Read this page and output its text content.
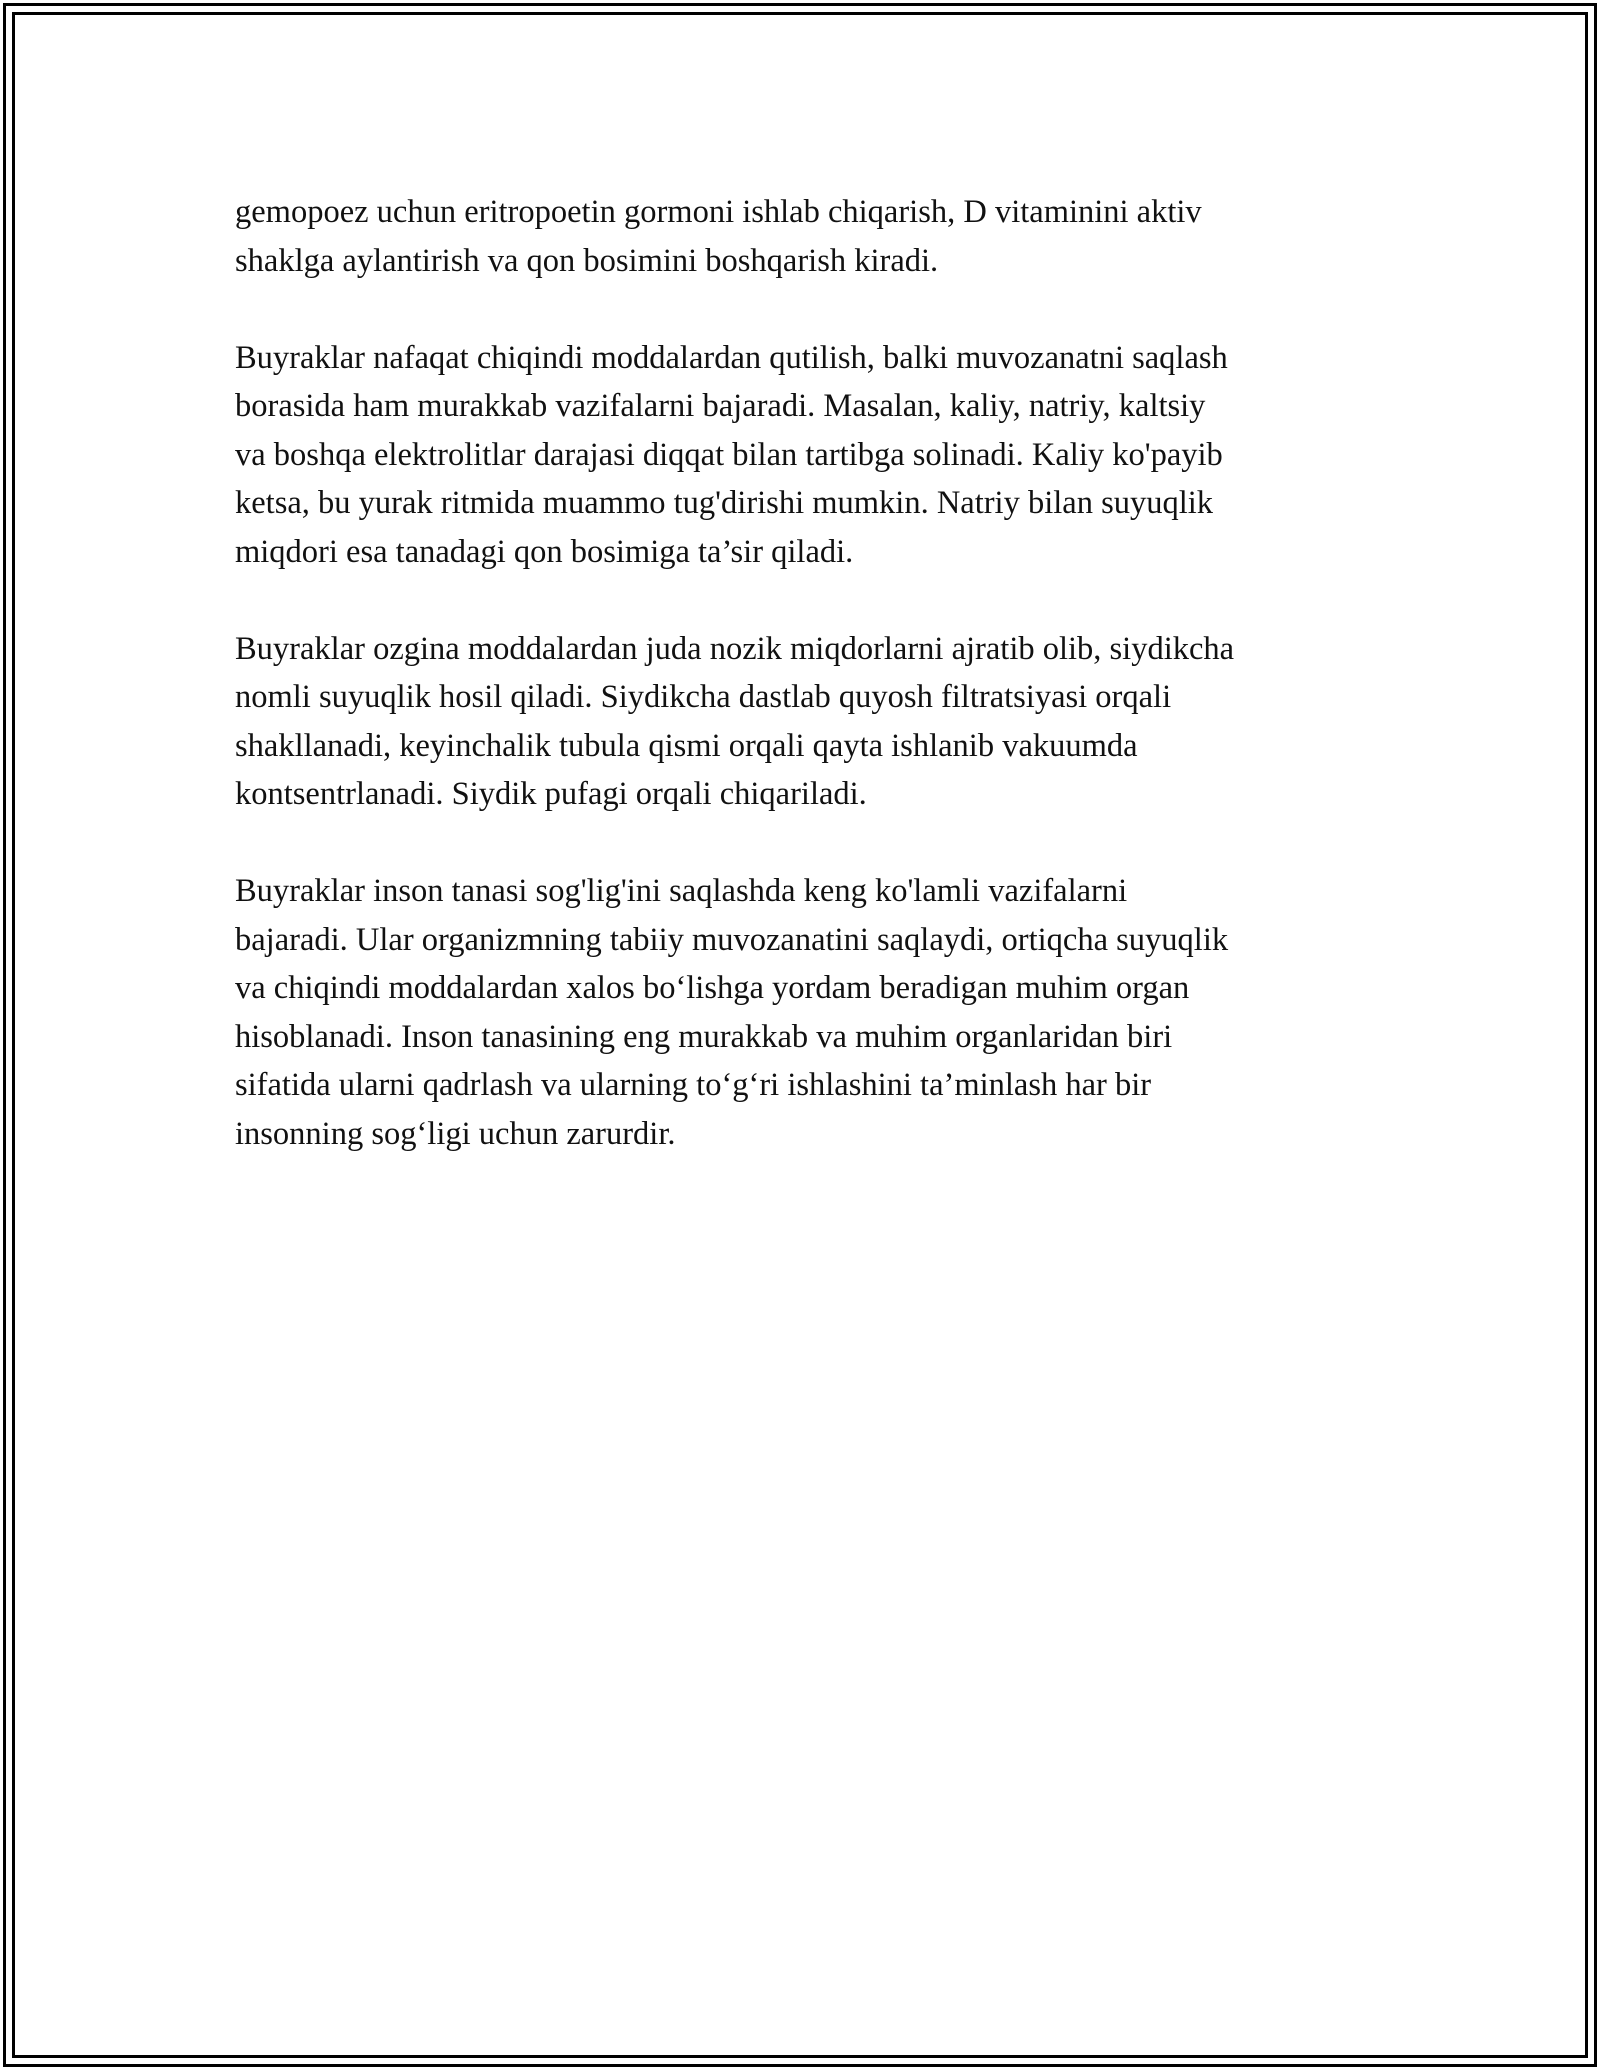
gemopoez uchun eritropoetin gormoni ishlab chiqarish, D vitaminini aktiv
shaklga aylantirish va qon bosimini boshqarish kiradi.

Buyraklar nafaqat chiqindi moddalardan qutilish, balki muvozanatni saqlash
borasida ham murakkab vazifalarni bajaradi. Masalan, kaliy, natriy, kaltsiy
va boshqa elektrolitlar darajasi diqqat bilan tartibga solinadi. Kaliy ko'payib
ketsa, bu yurak ritmida muammo tug'dirishi mumkin. Natriy bilan suyuqlik
miqdori esa tanadagi qon bosimiga ta’sir qiladi.

Buyraklar ozgina moddalardan juda nozik miqdorlarni ajratib olib, siydikcha
nomli suyuqlik hosil qiladi. Siydikcha dastlab quyosh filtratsiyasi orqali
shakllanadi, keyinchalik tubula qismi orqali qayta ishlanib vakuumda
kontsentrlanadi. Siydik pufagi orqali chiqariladi.

Buyraklar inson tanasi sog'lig'ini saqlashda keng ko'lamli vazifalarni
bajaradi. Ular organizmning tabiiy muvozanatini saqlaydi, ortiqcha suyuqlik
va chiqindi moddalardan xalos bo‘lishga yordam beradigan muhim organ
hisoblanadi. Inson tanasining eng murakkab va muhim organlaridan biri
sifatida ularni qadrlash va ularning to‘g‘ri ishlashini ta’minlash har bir
insonning sog‘ligi uchun zarurdir.
